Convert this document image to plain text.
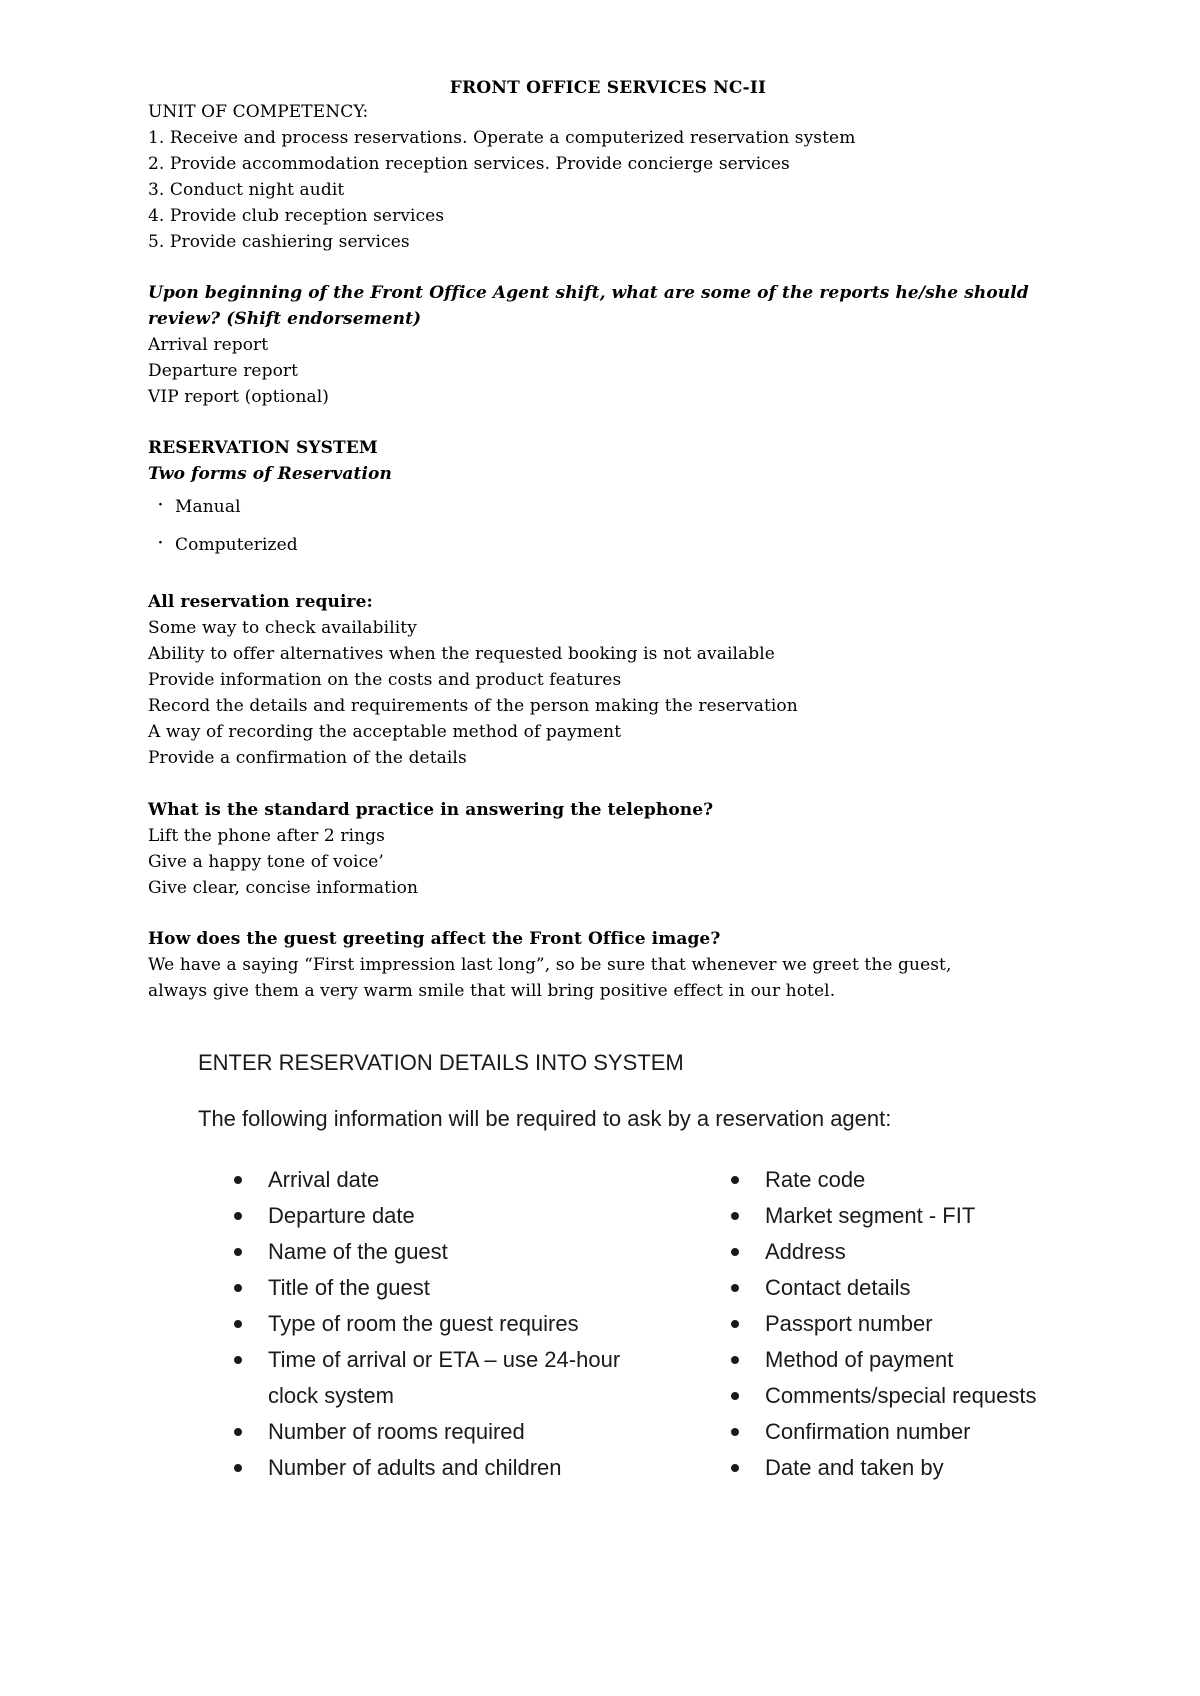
FRONT OFFICE SERVICES NC-II
UNIT OF COMPETENCY:
1. Receive and process reservations. Operate a computerized reservation system
2. Provide accommodation reception services. Provide concierge services
3. Conduct night audit
4. Provide club reception services
5. Provide cashiering services
Upon beginning of the Front Office Agent shift, what are some of the reports he/she should
review? (Shift endorsement)
Arrival report
Departure report
VIP report (optional)
RESERVATION SYSTEM
Two forms of Reservation
· Manual
· Computerized
All reservation require:
Some way to check availability
Ability to offer alternatives when the requested booking is not available
Provide information on the costs and product features
Record the details and requirements of the person making the reservation
A way of recording the acceptable method of payment
Provide a confirmation of the details
What is the standard practice in answering the telephone?
Lift the phone after 2 rings
Give a happy tone of voice’
Give clear, concise information
How does the guest greeting affect the Front Office image?
We have a saying “First impression last long”, so be sure that whenever we greet the guest,
always give them a very warm smile that will bring positive effect in our hotel.
ENTER RESERVATION DETAILS INTO SYSTEM
The following information will be required to ask by a reservation agent:
Arrival date
Departure date
Name of the guest
Title of the guest
Type of room the guest requires
Time of arrival or ETA – use 24-hour clock system
Number of rooms required
Number of adults and children
Rate code
Market segment - FIT
Address
Contact details
Passport number
Method of payment
Comments/special requests
Confirmation number
Date and taken by
